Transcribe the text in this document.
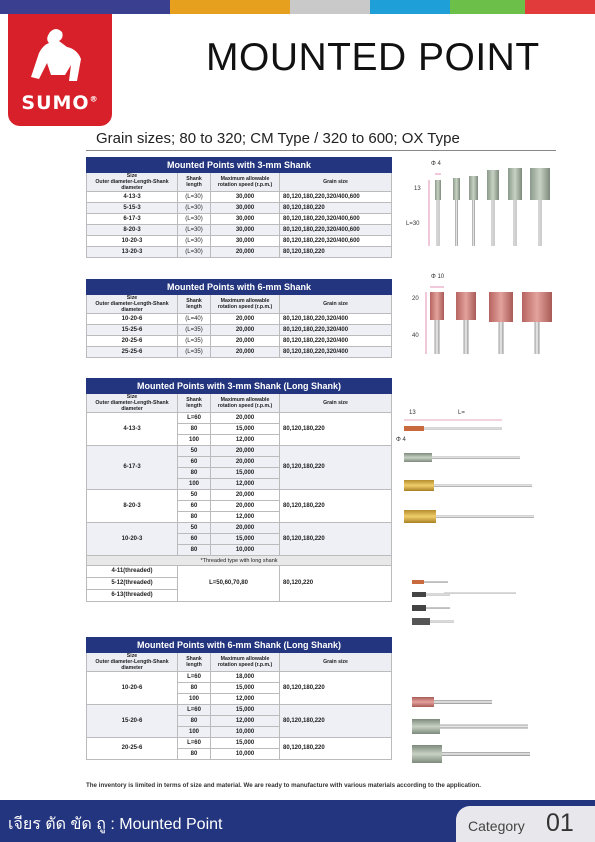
SUMO®
MOUNTED POINT
Grain sizes; 80 to 320; CM Type / 320 to 600; OX Type
Mounted Points with 3-mm Shank			

Size
Outer diameter-Length-Shank diameter	Shank length	Maximum allowable rotation speed (r.p.m.)	Grain size
4-13-3	(L=30)	30,000	80,120,180,220,320/400,600
5-15-3	(L=30)	30,000	80,120,180,220
6-17-3	(L=30)	30,000	80,120,180,220,320/400,600
8-20-3	(L=30)	30,000	80,120,180,220,320/400,600
10-20-3	(L=30)	30,000	80,120,180,220,320/400,600
13-20-3	(L=30)	20,000	80,120,180,220
Mounted Points with 6-mm Shank			

Size
Outer diameter-Length-Shank diameter	Shank length	Maximum allowable rotation speed (r.p.m.)	Grain size
10-20-6	(L=40)	20,000	80,120,180,220,320/400
15-25-6	(L=35)	20,000	80,120,180,220,320/400
20-25-6	(L=35)	20,000	80,120,180,220,320/400
25-25-6	(L=35)	20,000	80,120,180,220,320/400
Mounted Points with 3-mm Shank (Long Shank)			

Size
Outer diameter-Length-Shank diameter	Shank length	Maximum allowable rotation speed (r.p.m.)	Grain size
4-13-3	L=60	20,000	80,120,180,220
	80	15,000	
	100	12,000	
6-17-3	50	20,000	80,120,180,220
	60	20,000	
	80	15,000	
	100	12,000	
8-20-3	50	20,000	80,120,180,220
	60	20,000	
	80	12,000	
10-20-3	50	20,000	80,120,180,220
	60	15,000	
	80	10,000	
*Threaded type with long shank			
4-11(threaded)	L=50,60,70,80		80,120,220
5-12(threaded)			
6-13(threaded)			
Mounted Points with 6-mm Shank (Long Shank)			

Size
Outer diameter-Length-Shank diameter	Shank length	Maximum allowable rotation speed (r.p.m.)	Grain size
10-20-6	L=60	18,000	80,120,180,220
	80	15,000	
	100	12,000	
15-20-6	L=60	15,000	80,120,180,220
	80	12,000	
	100	10,000	
20-25-6	L=60	15,000	80,120,180,220
	80	10,000	
Φ 4
13
L=30
Φ 10
20
40
13	L=
Φ 4
The inventory is limited in terms of size and material. We are ready to manufacture with various materials according to the application.
เจียร ตัด ขัด ถู : Mounted Point	Category 01
